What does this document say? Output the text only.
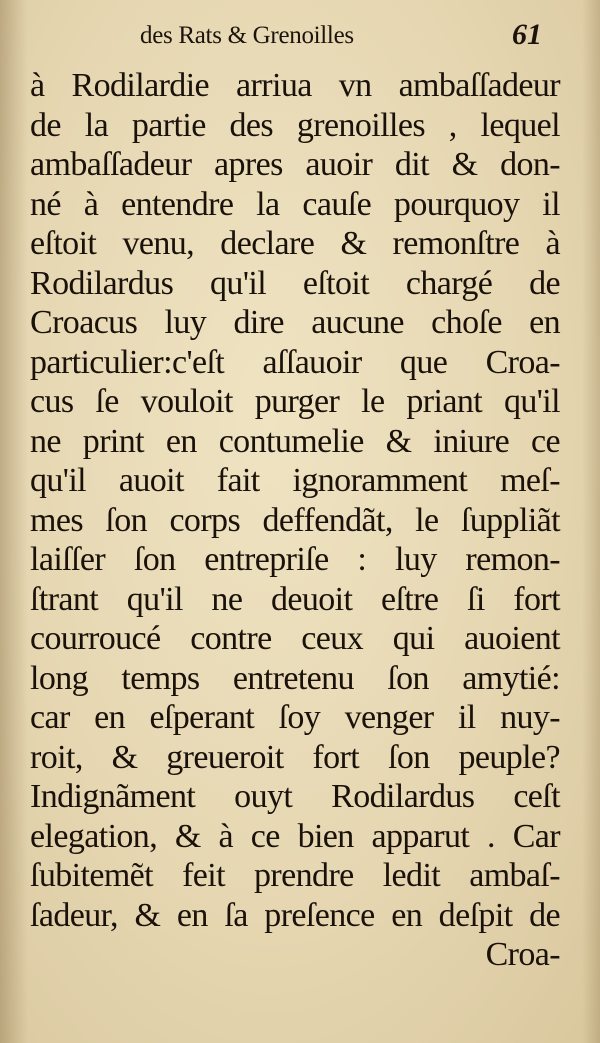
des Rats & Grenoilles	61
à Rodilardie arriua vn ambaſſadeur
de la partie des grenoilles , lequel
ambaſſadeur apres auoir dit & don-
né à entendre la cauſe pourquoy il
eſtoit venu, declare & remonſtre à
Rodilardus qu'il eſtoit chargé de
Croacus luy dire aucune choſe en
particulier:c'eſt aſſauoir que Croa-
cus ſe vouloit purger le priant qu'il
ne print en contumelie & iniure ce
qu'il auoit fait ignoramment meſ-
mes ſon corps deffendãt, le ſuppliãt
laiſſer ſon entrepriſe : luy remon-
ſtrant qu'il ne deuoit eſtre ſi fort
courroucé contre ceux qui auoient
long temps entretenu ſon amytié:
car en eſperant ſoy venger il nuy-
roit, & greueroit fort ſon peuple?
Indignãment ouyt Rodilardus ceſt
elegation, & à ce bien apparut . Car
ſubitemẽt feit prendre ledit ambaſ-
ſadeur, & en ſa preſence en deſpit de
Croa-
